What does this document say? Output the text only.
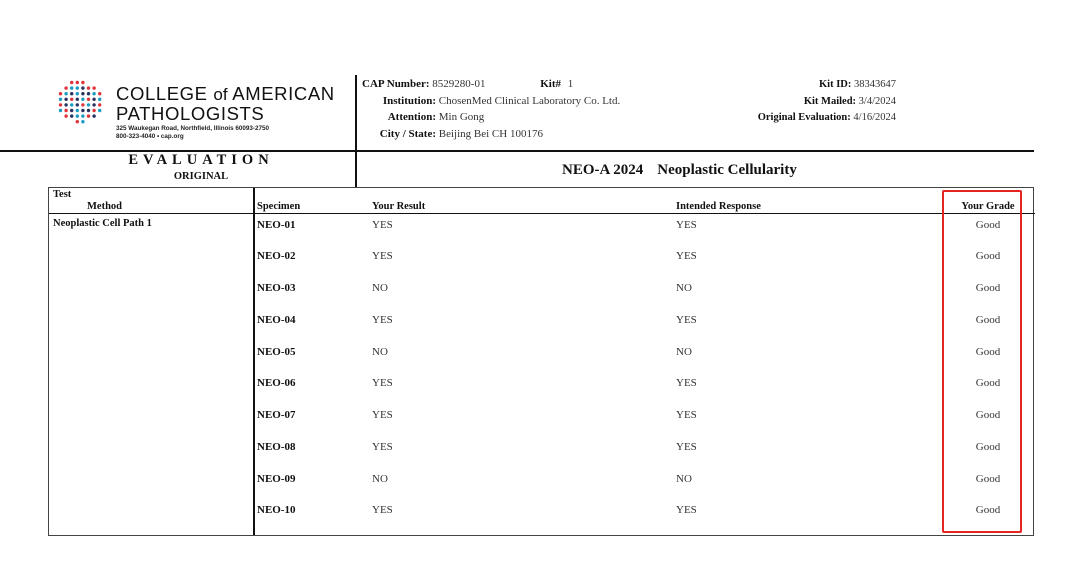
COLLEGE of AMERICAN
PATHOLOGISTS
325 Waukegan Road, Northfield, Illinois 60093-2750
800-323-4040 • cap.org
CAP Number: 8529280-01	Kit# 1
Institution: ChosenMed Clinical Laboratory Co. Ltd.
Attention: Min Gong
City / State: Beijing Bei CH 100176
Kit ID: 38343647
Kit Mailed: 3/4/2024
Original Evaluation: 4/16/2024
EVALUATION
ORIGINAL	NEO-A 2024 Neoplastic Cellularity
Test
Method	Specimen	Your Result	Intended Response	Your Grade
Neoplastic Cell Path 1	NEO-01	YES	YES	Good
NEO-02	YES	YES	Good
NEO-03	NO	NO	Good
NEO-04	YES	YES	Good
NEO-05	NO	NO	Good
NEO-06	YES	YES	Good
NEO-07	YES	YES	Good
NEO-08	YES	YES	Good
NEO-09	NO	NO	Good
NEO-10	YES	YES	Good
